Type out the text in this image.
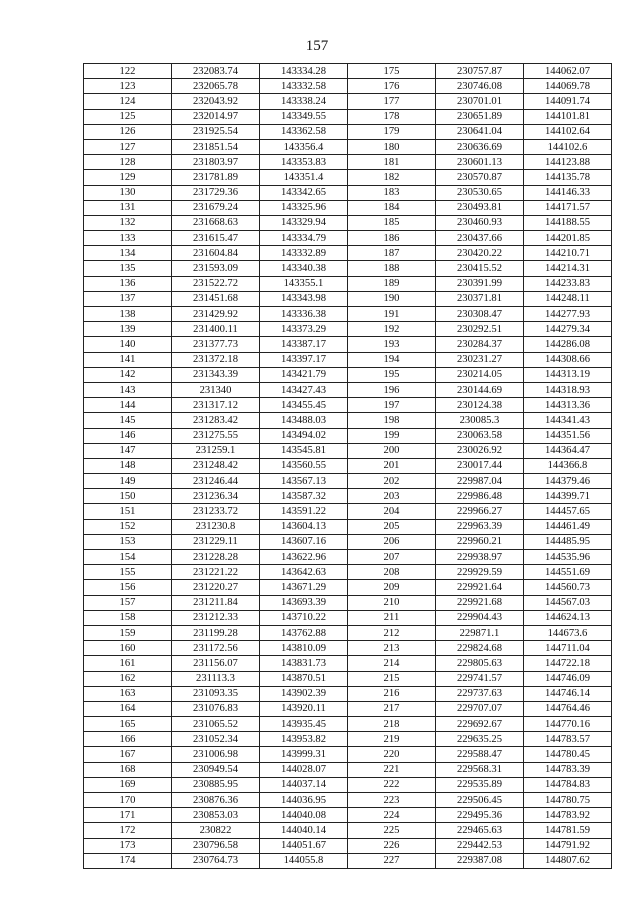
157
122	232083.74	143334.28	175	230757.87	144062.07
123	232065.78	143332.58	176	230746.08	144069.78
124	232043.92	143338.24	177	230701.01	144091.74
125	232014.97	143349.55	178	230651.89	144101.81
126	231925.54	143362.58	179	230641.04	144102.64
127	231851.54	143356.4	180	230636.69	144102.6
128	231803.97	143353.83	181	230601.13	144123.88
129	231781.89	143351.4	182	230570.87	144135.78
130	231729.36	143342.65	183	230530.65	144146.33
131	231679.24	143325.96	184	230493.81	144171.57
132	231668.63	143329.94	185	230460.93	144188.55
133	231615.47	143334.79	186	230437.66	144201.85
134	231604.84	143332.89	187	230420.22	144210.71
135	231593.09	143340.38	188	230415.52	144214.31
136	231522.72	143355.1	189	230391.99	144233.83
137	231451.68	143343.98	190	230371.81	144248.11
138	231429.92	143336.38	191	230308.47	144277.93
139	231400.11	143373.29	192	230292.51	144279.34
140	231377.73	143387.17	193	230284.37	144286.08
141	231372.18	143397.17	194	230231.27	144308.66
142	231343.39	143421.79	195	230214.05	144313.19
143	231340	143427.43	196	230144.69	144318.93
144	231317.12	143455.45	197	230124.38	144313.36
145	231283.42	143488.03	198	230085.3	144341.43
146	231275.55	143494.02	199	230063.58	144351.56
147	231259.1	143545.81	200	230026.92	144364.47
148	231248.42	143560.55	201	230017.44	144366.8
149	231246.44	143567.13	202	229987.04	144379.46
150	231236.34	143587.32	203	229986.48	144399.71
151	231233.72	143591.22	204	229966.27	144457.65
152	231230.8	143604.13	205	229963.39	144461.49
153	231229.11	143607.16	206	229960.21	144485.95
154	231228.28	143622.96	207	229938.97	144535.96
155	231221.22	143642.63	208	229929.59	144551.69
156	231220.27	143671.29	209	229921.64	144560.73
157	231211.84	143693.39	210	229921.68	144567.03
158	231212.33	143710.22	211	229904.43	144624.13
159	231199.28	143762.88	212	229871.1	144673.6
160	231172.56	143810.09	213	229824.68	144711.04
161	231156.07	143831.73	214	229805.63	144722.18
162	231113.3	143870.51	215	229741.57	144746.09
163	231093.35	143902.39	216	229737.63	144746.14
164	231076.83	143920.11	217	229707.07	144764.46
165	231065.52	143935.45	218	229692.67	144770.16
166	231052.34	143953.82	219	229635.25	144783.57
167	231006.98	143999.31	220	229588.47	144780.45
168	230949.54	144028.07	221	229568.31	144783.39
169	230885.95	144037.14	222	229535.89	144784.83
170	230876.36	144036.95	223	229506.45	144780.75
171	230853.03	144040.08	224	229495.36	144783.92
172	230822	144040.14	225	229465.63	144781.59
173	230796.58	144051.67	226	229442.53	144791.92
174	230764.73	144055.8	227	229387.08	144807.62
